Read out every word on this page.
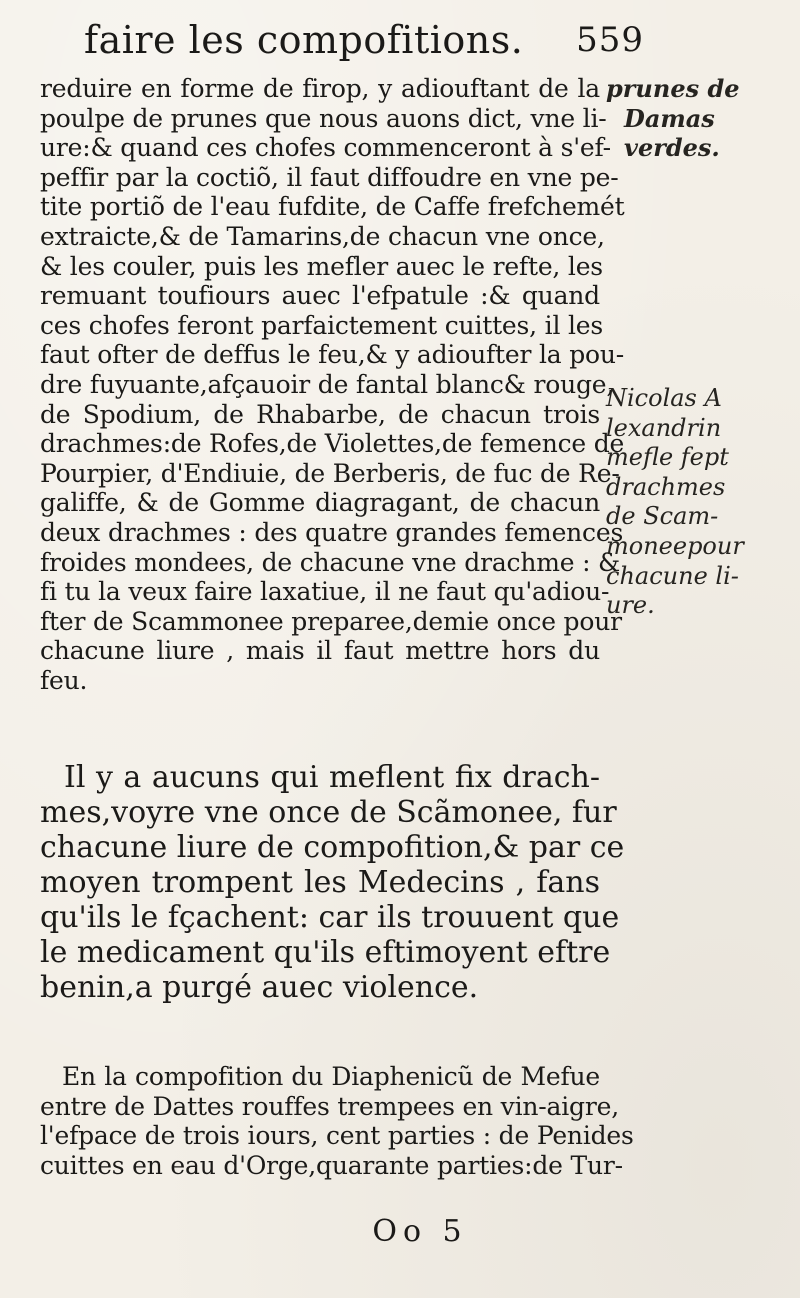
faire les compofitions. 559
reduire en forme de firop, y adiouftant de la
poulpe de prunes que nous auons dict, vne li-
ure:& quand ces chofes commenceront à s'ef-
peffir par la coctiõ, il faut diffoudre en vne pe-
tite portiõ de l'eau fufdite, de Caffe frefchemét
extraicte,& de Tamarins,de chacun vne once,
& les couler, puis les mefler auec le refte, les
remuant toufiours auec l'efpatule :& quand
ces chofes feront parfaictement cuittes, il les
faut ofter de deffus le feu,& y adioufter la pou-
dre fuyuante,afçauoir de fantal blanc& rouge,
de Spodium, de Rhabarbe, de chacun trois
drachmes:de Rofes,de Violettes,de femence de
Pourpier, d'Endiuie, de Berberis, de fuc de Re-
galiffe, & de Gomme diagragant, de chacun
deux drachmes : des quatre grandes femences
froides mondees, de chacune vne drachme : &
fi tu la veux faire laxatiue, il ne faut qu'adiou-
fter de Scammonee preparee,demie once pour
chacune liure , mais il faut mettre hors du
feu.
prunes de
Damas
verdes.
Nicolas A
lexandrin
mefle fept
drachmes
de Scam-
moneepour
chacune li-
ure.
Il y a aucuns qui meflent fix drach-
mes,voyre vne once de Scãmonee, fur
chacune liure de compofition,& par ce
moyen trompent les Medecins , fans
qu'ils le fçachent: car ils trouuent que
le medicament qu'ils eftimoyent eftre
benin,a purgé auec violence.
En la compofition du Diaphenicũ de Mefue
entre de Dattes rouffes trempees en vin-aigre,
l'efpace de trois iours, cent parties : de Penides
cuittes en eau d'Orge,quarante parties:de Tur-
Oo 5
